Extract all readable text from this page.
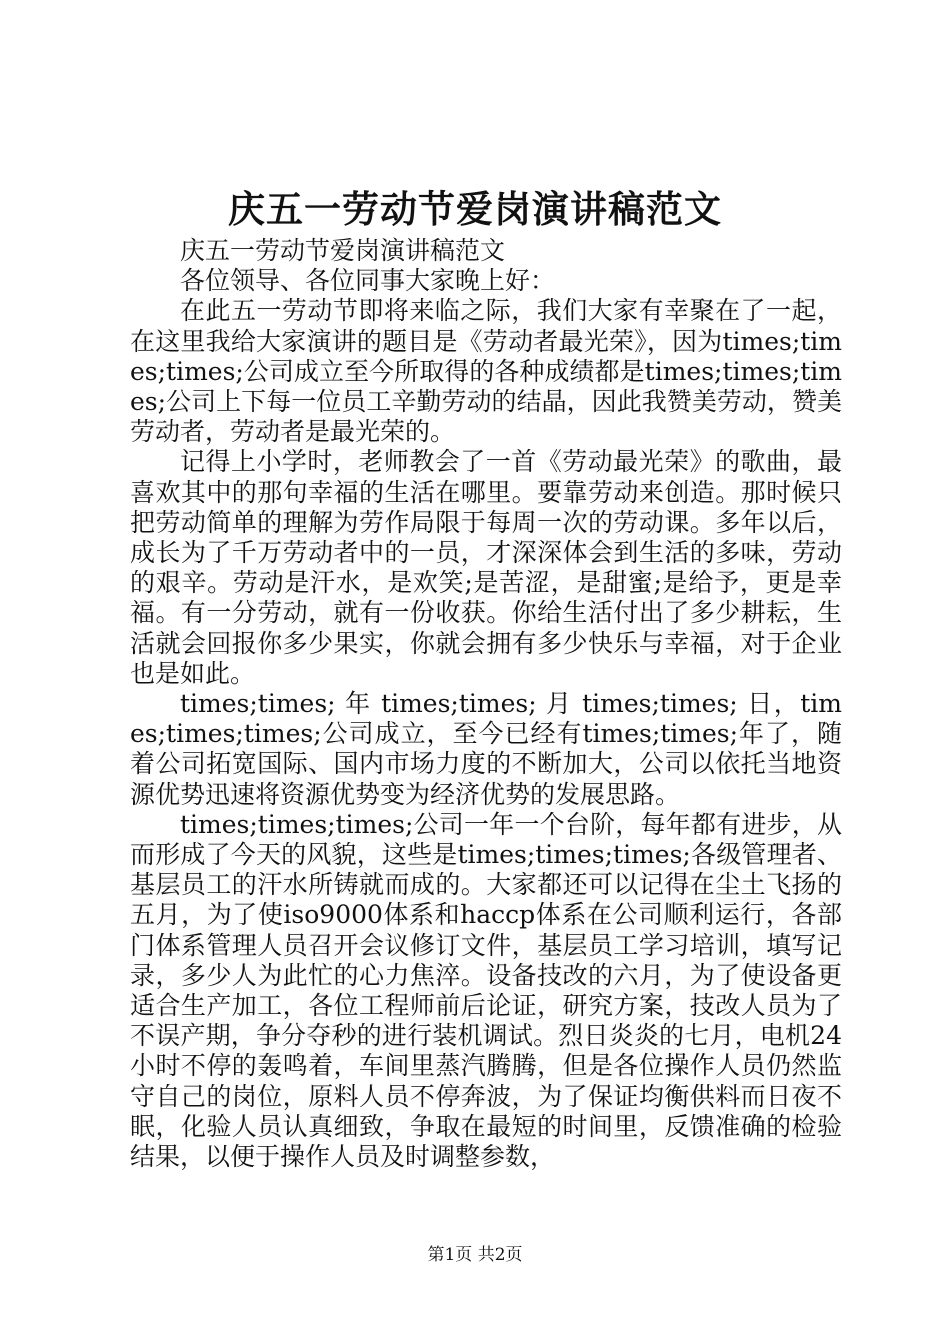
庆五一劳动节爱岗演讲稿范文

庆五一劳动节爱岗演讲稿范文

各位领导、各位同事大家晚上好：

在此五一劳动节即将来临之际，我们大家有幸聚在了一起，在这里我给大家演讲的题目是《劳动者最光荣》，因为times;times;times;公司成立至今所取得的各种成绩都是times;times;times;公司上下每一位员工辛勤劳动的结晶，因此我赞美劳动，赞美劳动者，劳动者是最光荣的。

记得上小学时，老师教会了一首《劳动最光荣》的歌曲，最喜欢其中的那句幸福的生活在哪里。要靠劳动来创造。那时候只把劳动简单的理解为劳作局限于每周一次的劳动课。多年以后，成长为了千万劳动者中的一员，才深深体会到生活的多味，劳动的艰辛。劳动是汗水，是欢笑;是苦涩，是甜蜜;是给予，更是幸福。有一分劳动，就有一份收获。你给生活付出了多少耕耘，生活就会回报你多少果实，你就会拥有多少快乐与幸福，对于企业也是如此。

times;times; 年 times;times; 月 times;times; 日，times;times;times;公司成立，至今已经有times;times;年了，随着公司拓宽国际、国内市场力度的不断加大，公司以依托当地资源优势迅速将资源优势变为经济优势的发展思路。

times;times;times;公司一年一个台阶，每年都有进步，从而形成了今天的风貌，这些是times;times;times;各级管理者、基层员工的汗水所铸就而成的。大家都还可以记得在尘土飞扬的五月，为了使iso9000体系和haccp体系在公司顺利运行，各部门体系管理人员召开会议修订文件，基层员工学习培训，填写记录，多少人为此忙的心力焦淬。设备技改的六月，为了使设备更适合生产加工，各位工程师前后论证，研究方案，技改人员为了不误产期，争分夺秒的进行装机调试。烈日炎炎的七月，电机24小时不停的轰鸣着，车间里蒸汽腾腾，但是各位操作人员仍然监守自己的岗位，原料人员不停奔波，为了保证均衡供料而日夜不眠，化验人员认真细致，争取在最短的时间里，反馈准确的检验结果，以便于操作人员及时调整参数，

第1页 共2页
